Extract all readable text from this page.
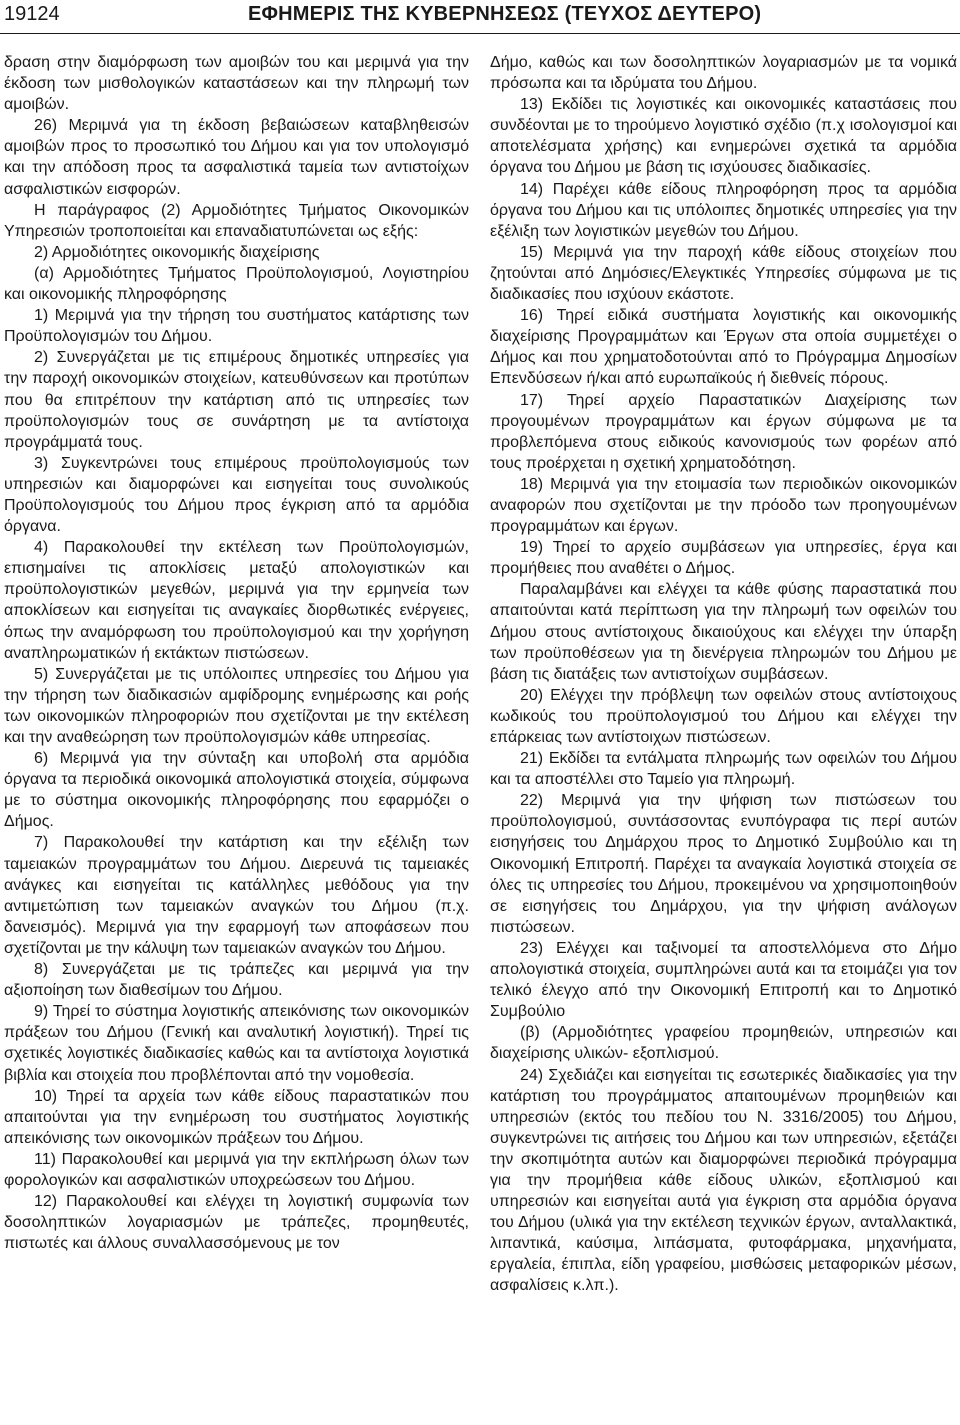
19124	ΕΦΗΜΕΡΙΣ ΤΗΣ ΚΥΒΕΡΝΗΣΕΩΣ (ΤΕΥΧΟΣ ΔΕΥΤΕΡΟ)

δραση στην διαμόρφωση των αμοιβών του και μεριμνά για την έκδοση των μισθολογικών καταστάσεων και την πληρωμή των αμοιβών.

26) Μεριμνά για τη έκδοση βεβαιώσεων καταβληθεισών αμοιβών προς το προσωπικό του Δήμου και για τον υπολογισμό και την απόδοση προς τα ασφαλιστικά ταμεία των αντιστοίχων ασφαλιστικών εισφορών.

Η παράγραφος (2) Αρμοδιότητες Τμήματος Οικονομικών Υπηρεσιών τροποποιείται και επαναδιατυπώνεται ως εξής:

2) Αρμοδιότητες οικονομικής διαχείρισης

(α) Αρμοδιότητες Τμήματος Προϋπολογισμού, Λογιστηρίου και οικονομικής πληροφόρησης

1) Μεριμνά για την τήρηση του συστήματος κατάρτισης των Προϋπολογισμών του Δήμου.

2) Συνεργάζεται με τις επιμέρους δημοτικές υπηρεσίες για την παροχή οικονομικών στοιχείων, κατευθύνσεων και προτύπων που θα επιτρέπουν την κατάρτιση από τις υπηρεσίες των προϋπολογισμών τους σε συνάρτηση με τα αντίστοιχα προγράμματά τους.

3) Συγκεντρώνει τους επιμέρους προϋπολογισμούς των υπηρεσιών και διαμορφώνει και εισηγείται τους συνολικούς Προϋπολογισμούς του Δήμου προς έγκριση από τα αρμόδια όργανα.

4) Παρακολουθεί την εκτέλεση των Προϋπολογισμών, επισημαίνει τις αποκλίσεις μεταξύ απολογιστικών και προϋπολογιστικών μεγεθών, μεριμνά για την ερμηνεία των αποκλίσεων και εισηγείται τις αναγκαίες διορθωτικές ενέργειες, όπως την αναμόρφωση του προϋπολογισμού και την χορήγηση αναπληρωματικών ή εκτάκτων πιστώσεων.

5) Συνεργάζεται με τις υπόλοιπες υπηρεσίες του Δήμου για την τήρηση των διαδικασιών αμφίδρομης ενημέρωσης και ροής των οικονομικών πληροφοριών που σχετίζονται με την εκτέλεση και την αναθεώρηση των προϋπολογισμών κάθε υπηρεσίας.

6) Μεριμνά για την σύνταξη και υποβολή στα αρμόδια όργανα τα περιοδικά οικονομικά απολογιστικά στοιχεία, σύμφωνα με το σύστημα οικονομικής πληροφόρησης που εφαρμόζει ο Δήμος.

7) Παρακολουθεί την κατάρτιση και την εξέλιξη των ταμειακών προγραμμάτων του Δήμου. Διερευνά τις ταμειακές ανάγκες και εισηγείται τις κατάλληλες μεθόδους για την αντιμετώπιση των ταμειακών αναγκών του Δήμου (π.χ. δανεισμός). Μεριμνά για την εφαρμογή των αποφάσεων που σχετίζονται με την κάλυψη των ταμειακών αναγκών του Δήμου.

8) Συνεργάζεται με τις τράπεζες και μεριμνά για την αξιοποίηση των διαθεσίμων του Δήμου.

9) Τηρεί το σύστημα λογιστικής απεικόνισης των οικονομικών πράξεων του Δήμου (Γενική και αναλυτική λογιστική). Τηρεί τις σχετικές λογιστικές διαδικασίες καθώς και τα αντίστοιχα λογιστικά βιβλία και στοιχεία που προβλέπονται από την νομοθεσία.

10) Τηρεί τα αρχεία των κάθε είδους παραστατικών που απαιτούνται για την ενημέρωση του συστήματος λογιστικής απεικόνισης των οικονομικών πράξεων του Δήμου.

11) Παρακολουθεί και μεριμνά για την εκπλήρωση όλων των φορολογικών και ασφαλιστικών υποχρεώσεων του Δήμου.

12) Παρακολουθεί και ελέγχει τη λογιστική συμφωνία των δοσοληπτικών λογαριασμών με τράπεζες, προμηθευτές, πιστωτές και άλλους συναλλασσόμενους με τον

Δήμο, καθώς και των δοσοληπτικών λογαριασμών με τα νομικά πρόσωπα και τα ιδρύματα του Δήμου.

13) Εκδίδει τις λογιστικές και οικονομικές καταστάσεις που συνδέονται με το τηρούμενο λογιστικό σχέδιο (π.χ ισολογισμοί και αποτελέσματα χρήσης) και ενημερώνει σχετικά τα αρμόδια όργανα του Δήμου με βάση τις ισχύουσες διαδικασίες.

14) Παρέχει κάθε είδους πληροφόρηση προς τα αρμόδια όργανα του Δήμου και τις υπόλοιπες δημοτικές υπηρεσίες για την εξέλιξη των λογιστικών μεγεθών του Δήμου.

15) Μεριμνά για την παροχή κάθε είδους στοιχείων που ζητούνται από Δημόσιες/Ελεγκτικές Υπηρεσίες σύμφωνα με τις διαδικασίες που ισχύουν εκάστοτε.

16) Τηρεί ειδικά συστήματα λογιστικής και οικονομικής διαχείρισης Προγραμμάτων και Έργων στα οποία συμμετέχει ο Δήμος και που χρηματοδοτούνται από το Πρόγραμμα Δημοσίων Επενδύσεων ή/και από ευρωπαϊκούς ή διεθνείς πόρους.

17) Τηρεί αρχείο Παραστατικών Διαχείρισης των προγουμένων προγραμμάτων και έργων σύμφωνα με τα προβλεπόμενα στους ειδικούς κανονισμούς των φορέων από τους προέρχεται η σχετική χρηματοδότηση.

18) Μεριμνά για την ετοιμασία των περιοδικών οικονομικών αναφορών που σχετίζονται με την πρόοδο των προηγουμένων προγραμμάτων και έργων.

19) Τηρεί το αρχείο συμβάσεων για υπηρεσίες, έργα και προμήθειες που αναθέτει ο Δήμος.

Παραλαμβάνει και ελέγχει τα κάθε φύσης παραστατικά που απαιτούνται κατά περίπτωση για την πληρωμή των οφειλών του Δήμου στους αντίστοιχους δικαιούχους και ελέγχει την ύπαρξη των προϋποθέσεων για τη διενέργεια πληρωμών του Δήμου με βάση τις διατάξεις των αντιστοίχων συμβάσεων.

20) Ελέγχει την πρόβλεψη των οφειλών στους αντίστοιχους κωδικούς του προϋπολογισμού του Δήμου και ελέγχει την επάρκειας των αντίστοιχων πιστώσεων.

21) Εκδίδει τα εντάλματα πληρωμής των οφειλών του Δήμου και τα αποστέλλει στο Ταμείο για πληρωμή.

22) Μεριμνά για την ψήφιση των πιστώσεων του προϋπολογισμού, συντάσσοντας ενυπόγραφα τις περί αυτών εισηγήσεις του Δημάρχου προς το Δημοτικό Συμβούλιο και τη Οικονομική Επιτροπή. Παρέχει τα αναγκαία λογιστικά στοιχεία σε όλες τις υπηρεσίες του Δήμου, προκειμένου να χρησιμοποιηθούν σε εισηγήσεις του Δημάρχου, για την ψήφιση ανάλογων πιστώσεων.

23) Ελέγχει και ταξινομεί τα αποστελλόμενα στο Δήμο απολογιστικά στοιχεία, συμπληρώνει αυτά και τα ετοιμάζει για τον τελικό έλεγχο από την Οικονομική Επιτροπή και το Δημοτικό Συμβούλιο

(β) (Αρμοδιότητες γραφείου προμηθειών, υπηρεσιών και διαχείρισης υλικών- εξοπλισμού.

24) Σχεδιάζει και εισηγείται τις εσωτερικές διαδικασίες για την κατάρτιση του προγράμματος απαιτουμένων προμηθειών και υπηρεσιών (εκτός του πεδίου του Ν. 3316/2005) του Δήμου, συγκεντρώνει τις αιτήσεις του Δήμου και των υπηρεσιών, εξετάζει την σκοπιμότητα αυτών και διαμορφώνει περιοδικά πρόγραμμα για την προμήθεια κάθε είδους υλικών, εξοπλισμού και υπηρεσιών και εισηγείται αυτά για έγκριση στα αρμόδια όργανα του Δήμου (υλικά για την εκτέλεση τεχνικών έργων, ανταλλακτικά, λιπαντικά, καύσιμα, λιπάσματα, φυτοφάρμακα, μηχανήματα, εργαλεία, έπιπλα, είδη γραφείου, μισθώσεις μεταφορικών μέσων, ασφαλίσεις κ.λπ.).
